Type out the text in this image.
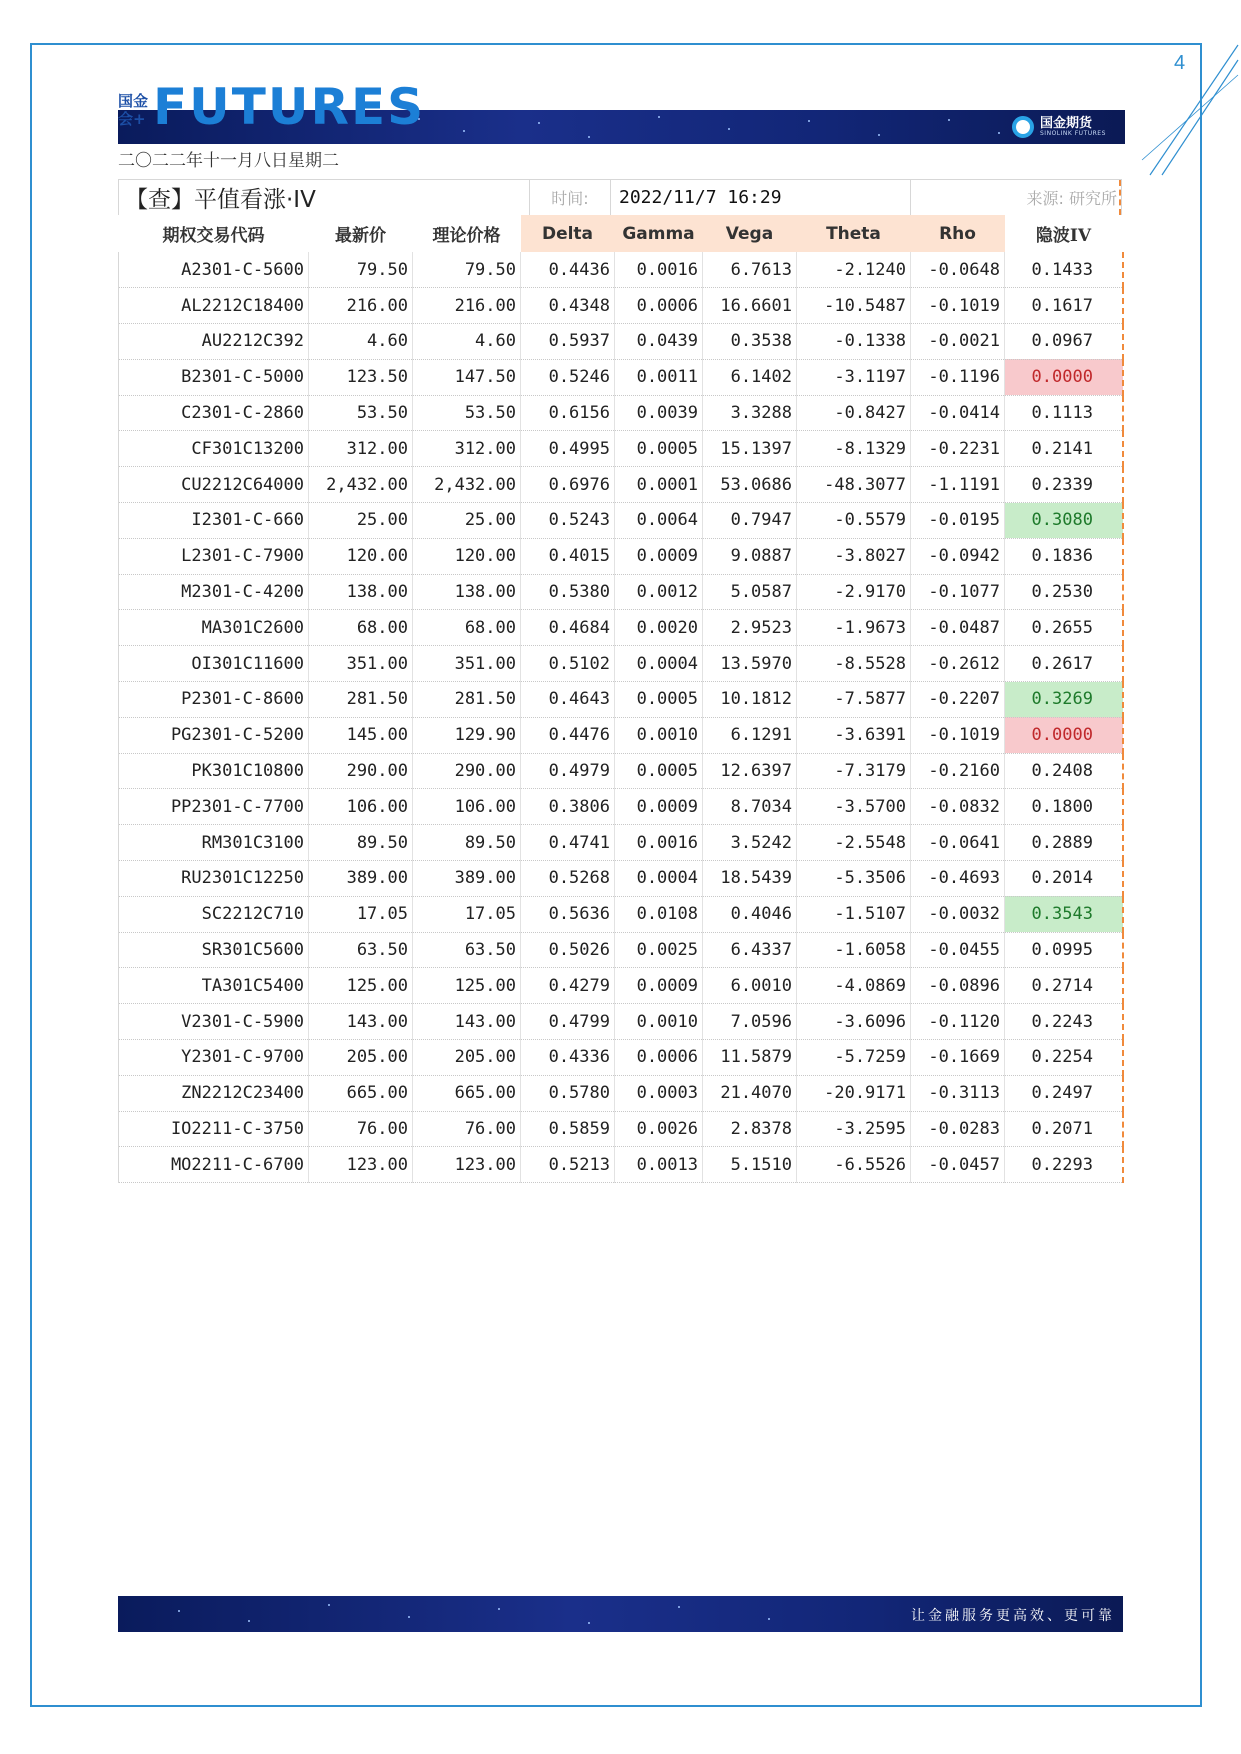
4
国金会+ FUTURES	国金期货
SINOLINK FUTURES
二〇二二年十一月八日星期二
【查】平值看涨·IV	时间:	2022/11/7 16:29	来源: 研究所
期权交易代码	最新价	理论价格	Delta	Gamma	Vega	Theta	Rho	隐波IV
A2301-C-5600	79.50	79.50	0.4436	0.0016	6.7613	-2.1240	-0.0648	0.1433
AL2212C18400	216.00	216.00	0.4348	0.0006	16.6601	-10.5487	-0.1019	0.1617
AU2212C392	4.60	4.60	0.5937	0.0439	0.3538	-0.1338	-0.0021	0.0967
B2301-C-5000	123.50	147.50	0.5246	0.0011	6.1402	-3.1197	-0.1196	0.0000
C2301-C-2860	53.50	53.50	0.6156	0.0039	3.3288	-0.8427	-0.0414	0.1113
CF301C13200	312.00	312.00	0.4995	0.0005	15.1397	-8.1329	-0.2231	0.2141
CU2212C64000	2,432.00	2,432.00	0.6976	0.0001	53.0686	-48.3077	-1.1191	0.2339
I2301-C-660	25.00	25.00	0.5243	0.0064	0.7947	-0.5579	-0.0195	0.3080
L2301-C-7900	120.00	120.00	0.4015	0.0009	9.0887	-3.8027	-0.0942	0.1836
M2301-C-4200	138.00	138.00	0.5380	0.0012	5.0587	-2.9170	-0.1077	0.2530
MA301C2600	68.00	68.00	0.4684	0.0020	2.9523	-1.9673	-0.0487	0.2655
OI301C11600	351.00	351.00	0.5102	0.0004	13.5970	-8.5528	-0.2612	0.2617
P2301-C-8600	281.50	281.50	0.4643	0.0005	10.1812	-7.5877	-0.2207	0.3269
PG2301-C-5200	145.00	129.90	0.4476	0.0010	6.1291	-3.6391	-0.1019	0.0000
PK301C10800	290.00	290.00	0.4979	0.0005	12.6397	-7.3179	-0.2160	0.2408
PP2301-C-7700	106.00	106.00	0.3806	0.0009	8.7034	-3.5700	-0.0832	0.1800
RM301C3100	89.50	89.50	0.4741	0.0016	3.5242	-2.5548	-0.0641	0.2889
RU2301C12250	389.00	389.00	0.5268	0.0004	18.5439	-5.3506	-0.4693	0.2014
SC2212C710	17.05	17.05	0.5636	0.0108	0.4046	-1.5107	-0.0032	0.3543
SR301C5600	63.50	63.50	0.5026	0.0025	6.4337	-1.6058	-0.0455	0.0995
TA301C5400	125.00	125.00	0.4279	0.0009	6.0010	-4.0869	-0.0896	0.2714
V2301-C-5900	143.00	143.00	0.4799	0.0010	7.0596	-3.6096	-0.1120	0.2243
Y2301-C-9700	205.00	205.00	0.4336	0.0006	11.5879	-5.7259	-0.1669	0.2254
ZN2212C23400	665.00	665.00	0.5780	0.0003	21.4070	-20.9171	-0.3113	0.2497
IO2211-C-3750	76.00	76.00	0.5859	0.0026	2.8378	-3.2595	-0.0283	0.2071
MO2211-C-6700	123.00	123.00	0.5213	0.0013	5.1510	-6.5526	-0.0457	0.2293
让金融服务更高效、更可靠
